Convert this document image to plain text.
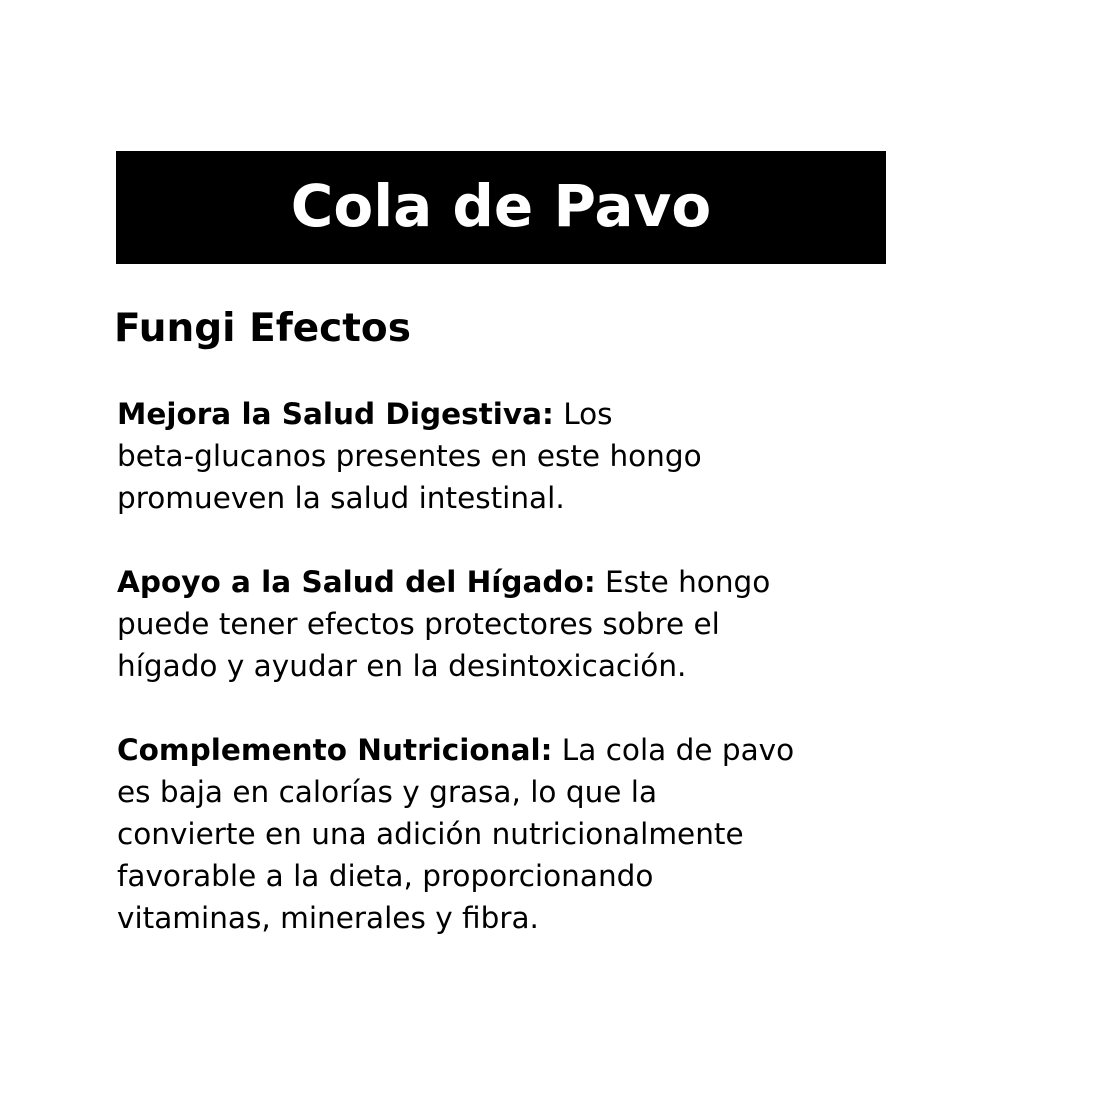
Cola de Pavo
Fungi Efectos

Mejora la Salud Digestiva: Los
beta-glucanos presentes en este hongo
promueven la salud intestinal.

Apoyo a la Salud del Hígado: Este hongo
puede tener efectos protectores sobre el
hígado y ayudar en la desintoxicación.

Complemento Nutricional: La cola de pavo
es baja en calorías y grasa, lo que la
convierte en una adición nutricionalmente
favorable a la dieta, proporcionando
vitaminas, minerales y fibra.
